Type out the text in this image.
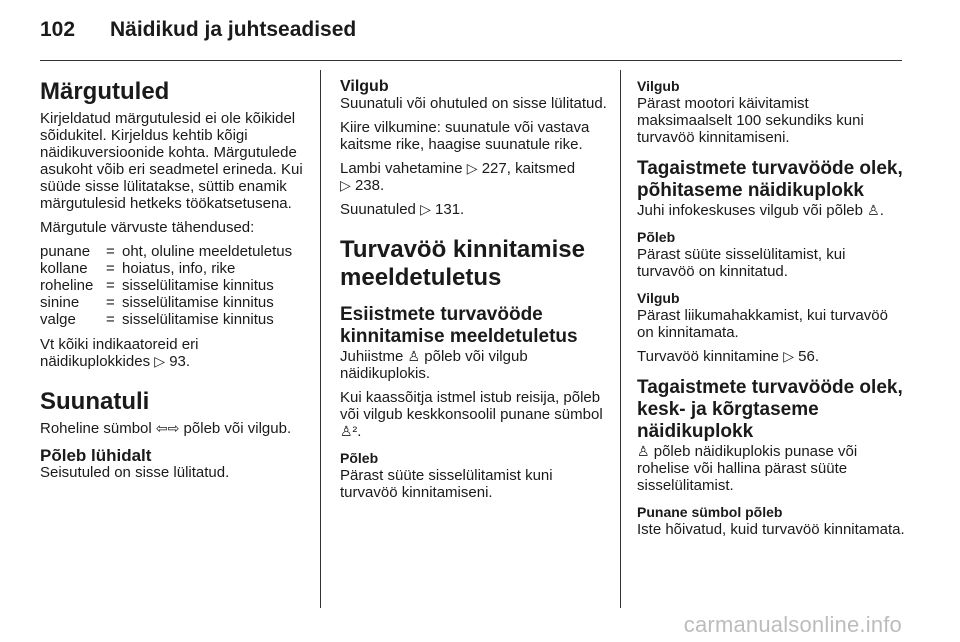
102 Näidikud ja juhtseadised
Märgutuled

Kirjeldatud märgutulesid ei ole kõikidel sõidukitel. Kirjeldus kehtib kõigi näidikuversioonide kohta. Märgutulede asukoht võib eri seadmetel erineda. Kui süüde sisse lülitatakse, süttib enamik märgutulesid hetkeks töökatsetusena.

Märgutule värvuste tähendused:

punane	=	oht, oluline meeldetuletus
kollane	=	hoiatus, info, rike
roheline	=	sisselülitamise kinnitus
sinine	=	sisselülitamise kinnitus
valge	=	sisselülitamise kinnitus

Vt kõiki indikaatoreid eri näidikuplokkides ▷ 93.

Suunatuli

Roheline sümbol ⇦⇨ põleb või vilgub.

Põleb lühidalt

Seisutuled on sisse lülitatud.

Vilgub

Suunatuli või ohutuled on sisse lülitatud.

Kiire vilkumine: suunatule või vastava kaitsme rike, haagise suunatule rike.

Lambi vahetamine ▷ 227, kaitsmed
▷ 238.

Suunatuled ▷ 131.

Turvavöö kinnitamise meeldetuletus
Esiistmete turvavööde kinnitamise meeldetuletus

Juhiistme ♙ põleb või vilgub näidikuplokis.

Kui kaassõitja istmel istub reisija, põleb või vilgub keskkonsoolil punane sümbol ♙².

Põleb

Pärast süüte sisselülitamist kuni turvavöö kinnitamiseni.

Vilgub

Pärast mootori käivitamist maksimaalselt 100 sekundiks kuni turvavöö kinnitamiseni.

Tagaistmete turvavööde olek, põhitaseme näidikuplokk

Juhi infokeskuses vilgub või põleb ♙.

Põleb

Pärast süüte sisselülitamist, kui turvavöö on kinnitatud.

Vilgub

Pärast liikumahakkamist, kui turvavöö on kinnitamata.

Turvavöö kinnitamine ▷ 56.

Tagaistmete turvavööde olek, kesk- ja kõrgtaseme näidikuplokk

♙ põleb näidikuplokis punase või rohelise või hallina pärast süüte sisselülitamist.

Punane sümbol põleb

Iste hõivatud, kuid turvavöö kinnitamata.

carmanualsonline.info
